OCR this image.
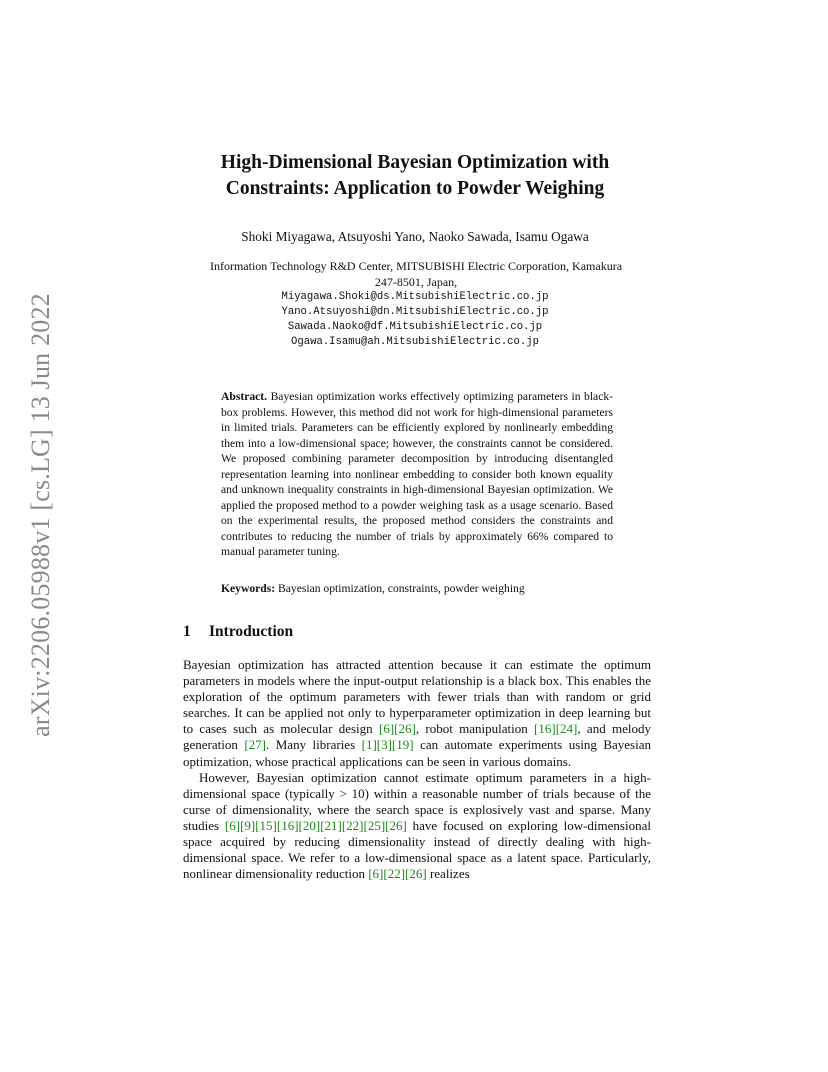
arXiv:2206.05988v1 [cs.LG] 13 Jun 2022
High-Dimensional Bayesian Optimization with
Constraints: Application to Powder Weighing
Shoki Miyagawa, Atsuyoshi Yano, Naoko Sawada, Isamu Ogawa
Information Technology R&D Center, MITSUBISHI Electric Corporation, Kamakura
247-8501, Japan,
Miyagawa.Shoki@ds.MitsubishiElectric.co.jp
Yano.Atsuyoshi@dn.MitsubishiElectric.co.jp
Sawada.Naoko@df.MitsubishiElectric.co.jp
Ogawa.Isamu@ah.MitsubishiElectric.co.jp
Abstract. Bayesian optimization works effectively optimizing parameters in black-box problems. However, this method did not work for high-dimensional parameters in limited trials. Parameters can be efficiently explored by nonlinearly embedding them into a low-dimensional space; however, the constraints cannot be considered. We proposed combining parameter decomposition by introducing disentangled representation learning into nonlinear embedding to consider both known equality and unknown inequality constraints in high-dimensional Bayesian optimization. We applied the proposed method to a powder weighing task as a usage scenario. Based on the experimental results, the proposed method considers the constraints and contributes to reducing the number of trials by approximately 66% compared to manual parameter tuning.
Keywords: Bayesian optimization, constraints, powder weighing
1 Introduction

Bayesian optimization has attracted attention because it can estimate the optimum parameters in models where the input-output relationship is a black box. This enables the exploration of the optimum parameters with fewer trials than with random or grid searches. It can be applied not only to hyperparameter optimization in deep learning but to cases such as molecular design [6][26], robot manipulation [16][24], and melody generation [27]. Many libraries [1][3][19] can automate experiments using Bayesian optimization, whose practical applications can be seen in various domains.

However, Bayesian optimization cannot estimate optimum parameters in a high-dimensional space (typically > 10) within a reasonable number of trials because of the curse of dimensionality, where the search space is explosively vast and sparse. Many studies [6][9][15][16][20][21][22][25][26] have focused on exploring low-dimensional space acquired by reducing dimensionality instead of directly dealing with high-dimensional space. We refer to a low-dimensional space as a latent space. Particularly, nonlinear dimensionality reduction [6][22][26] realizes
